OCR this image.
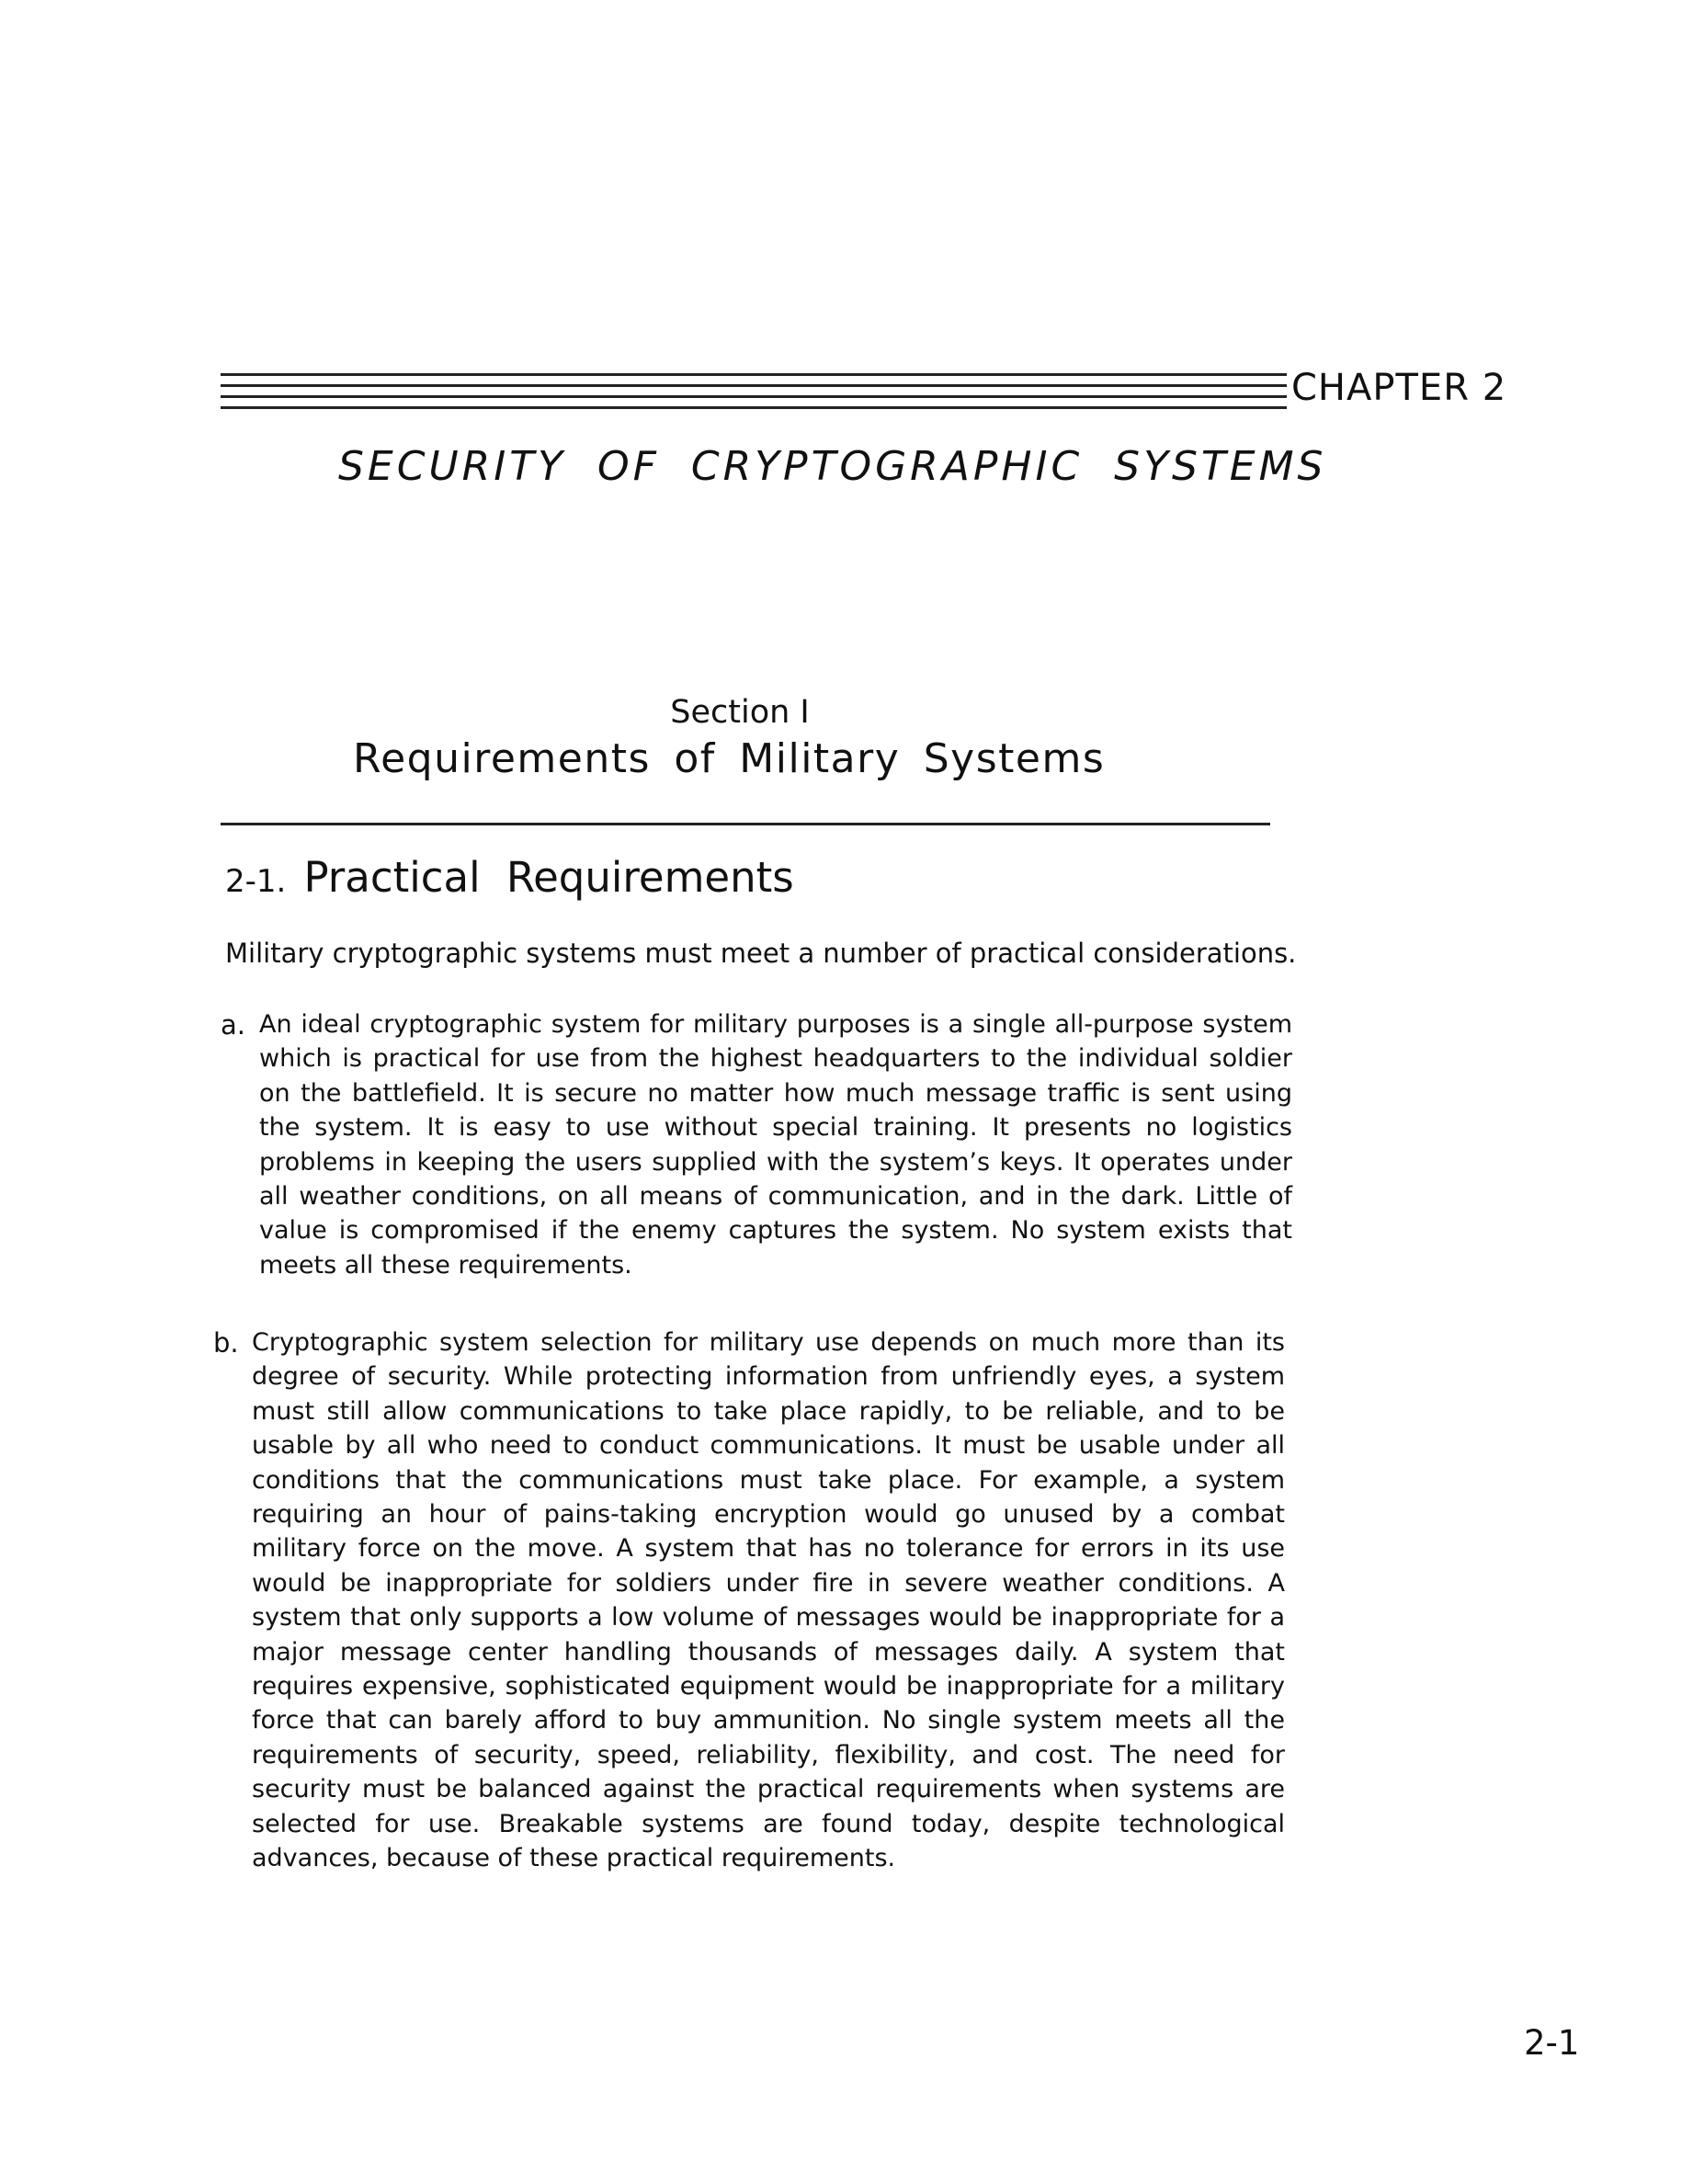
CHAPTER 2
SECURITY OF CRYPTOGRAPHIC SYSTEMS
Section I
Requirements of Military Systems
2-1. Practical Requirements
Military cryptographic systems must meet a number of practical considerations.
a. An ideal cryptographic system for military purposes is a single all-purpose system which is practical for use from the highest headquarters to the individual soldier on the battlefield. It is secure no matter how much message traffic is sent using the system. It is easy to use without special training. It presents no logistics problems in keeping the users supplied with the system’s keys. It operates under all weather conditions, on all means of communication, and in the dark. Little of value is compromised if the enemy captures the system. No system exists that meets all these requirements.
b. Cryptographic system selection for military use depends on much more than its degree of security. While protecting information from unfriendly eyes, a system must still allow communications to take place rapidly, to be reliable, and to be usable by all who need to conduct communications. It must be usable under all conditions that the communications must take place. For example, a system requiring an hour of pains-taking encryption would go unused by a combat military force on the move. A system that has no tolerance for errors in its use would be inappropriate for soldiers under fire in severe weather conditions. A system that only supports a low volume of messages would be inappropriate for a major message center handling thousands of messages daily. A system that requires expensive, sophisticated equipment would be inappropriate for a military force that can barely afford to buy ammunition. No single system meets all the requirements of security, speed, reliability, flexibility, and cost. The need for security must be balanced against the practical requirements when systems are selected for use. Breakable systems are found today, despite technological advances, because of these practical requirements.
2-1
